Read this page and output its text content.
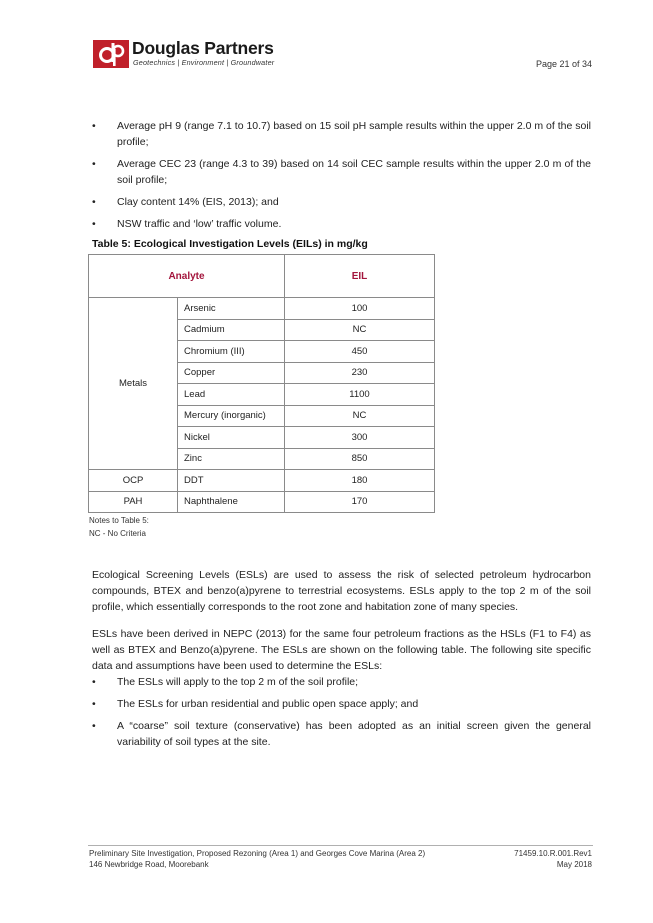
Douglas Partners
Geotechnics | Environment | Groundwater	Page 21 of 34
• Average pH 9 (range 7.1 to 10.7) based on 15 soil pH sample results within the upper 2.0 m of the soil profile;
• Average CEC 23 (range 4.3 to 39) based on 14 soil CEC sample results within the upper 2.0 m of the soil profile;
• Clay content 14% (EIS, 2013); and
• NSW traffic and ‘low’ traffic volume.
Table 5: Ecological Investigation Levels (EILs) in mg/kg
Analyte		EIL
Metals	Arsenic	100
	Cadmium	NC
	Chromium (III)	450
	Copper	230
	Lead	1100
	Mercury (inorganic)	NC
	Nickel	300
	Zinc	850
OCP	DDT	180
PAH	Naphthalene	170
Notes to Table 5:
NC - No Criteria
Ecological Screening Levels (ESLs) are used to assess the risk of selected petroleum hydrocarbon compounds, BTEX and benzo(a)pyrene to terrestrial ecosystems. ESLs apply to the top 2 m of the soil profile, which essentially corresponds to the root zone and habitation zone of many species.
ESLs have been derived in NEPC (2013) for the same four petroleum fractions as the HSLs (F1 to F4) as well as BTEX and Benzo(a)pyrene. The ESLs are shown on the following table. The following site specific data and assumptions have been used to determine the ESLs:
• The ESLs will apply to the top 2 m of the soil profile;
• The ESLs for urban residential and public open space apply; and
• A “coarse” soil texture (conservative) has been adopted as an initial screen given the general variability of soil types at the site.
Preliminary Site Investigation, Proposed Rezoning (Area 1) and Georges Cove Marina (Area 2)
146 Newbridge Road, Moorebank
71459.10.R.001.Rev1
May 2018
